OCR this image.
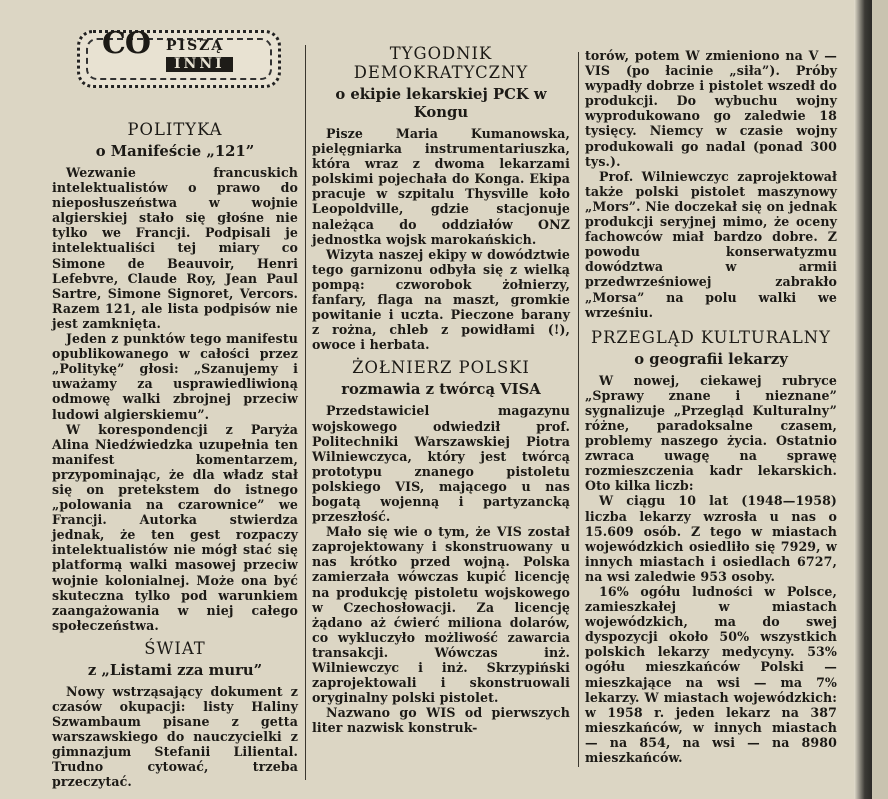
CO PISZĄ
INNI
POLITYKA
o Manifeście „121”

Wezwanie francuskich intelektualistów o prawo do nieposłuszeństwa w wojnie algierskiej stało się głośne nie tylko we Francji. Podpisali je intelektualiści tej miary co Simone de Beauvoir, Henri Lefebvre, Claude Roy, Jean Paul Sartre, Simone Signoret, Vercors. Razem 121, ale lista podpisów nie jest zamknięta.

Jeden z punktów tego manifestu opublikowanego w całości przez „Politykę” głosi: „Szanujemy i uważamy za usprawiedliwioną odmowę walki zbrojnej przeciw ludowi algierskiemu”.

W korespondencji z Paryża Alina Niedźwiedzka uzupełnia ten manifest komentarzem, przypominając, że dla władz stał się on pretekstem do istnego „polowania na czarownice” we Francji. Autorka stwierdza jednak, że ten gest rozpaczy intelektualistów nie mógł stać się platformą walki masowej przeciw wojnie kolonialnej. Może ona być skuteczna tylko pod warunkiem zaangażowania w niej całego społeczeństwa.

ŚWIAT
z „Listami zza muru”

Nowy wstrząsający dokument z czasów okupacji: listy Haliny Szwambaum pisane z getta warszawskiego do nauczycielki z gimnazjum Stefanii Liliental. Trudno cytować, trzeba przeczytać.

TYGODNIK DEMOKRATYCZNY
o ekipie lekarskiej PCK w Kongu

Pisze Maria Kumanowska, pielęgniarka instrumentariuszka, która wraz z dwoma lekarzami polskimi pojechała do Konga. Ekipa pracuje w szpitalu Thysville koło Leopoldville, gdzie stacjonuje należąca do oddziałów ONZ jednostka wojsk marokańskich.

Wizyta naszej ekipy w dowództwie tego garnizonu odbyła się z wielką pompą: czworobok żołnierzy, fanfary, flaga na maszt, gromkie powitanie i uczta. Pieczone barany z rożna, chleb z powidłami (!), owoce i herbata.

ŻOŁNIERZ POLSKI
rozmawia z twórcą VISA

Przedstawiciel magazynu wojskowego odwiedził prof. Politechniki Warszawskiej Piotra Wilniewczyca, który jest twórcą prototypu znanego pistoletu polskiego VIS, mającego u nas bogatą wojenną i partyzancką przeszłość.

Mało się wie o tym, że VIS został zaprojektowany i skonstruowany u nas krótko przed wojną. Polska zamierzała wówczas kupić licencję na produkcję pistoletu wojskowego w Czechosłowacji. Za licencję żądano aż ćwierć miliona dolarów, co wykluczyło możliwość zawarcia transakcji. Wówczas inż. Wilniewczyc i inż. Skrzypiński zaprojektowali i skonstruowali oryginalny polski pistolet.

Nazwano go WIS od pierwszych liter nazwisk konstruk-

torów, potem W zmieniono na V — VIS (po łacinie „siła”). Próby wypadły dobrze i pistolet wszedł do produkcji. Do wybuchu wojny wyprodukowano go zaledwie 18 tysięcy. Niemcy w czasie wojny produkowali go nadal (ponad 300 tys.).

Prof. Wilniewczyc zaprojektował także polski pistolet maszynowy „Mors”. Nie doczekał się on jednak produkcji seryjnej mimo, że oceny fachowców miał bardzo dobre. Z powodu konserwatyzmu dowództwa w armii przedwrześniowej zabrakło „Morsa” na polu walki we wrześniu.

PRZEGLĄD KULTURALNY
o geografii lekarzy

W nowej, ciekawej rubryce „Sprawy znane i nieznane” sygnalizuje „Przegląd Kulturalny” różne, paradoksalne czasem, problemy naszego życia. Ostatnio zwraca uwagę na sprawę rozmieszczenia kadr lekarskich. Oto kilka liczb:

W ciągu 10 lat (1948—1958) liczba lekarzy wzrosła u nas o 15.609 osób. Z tego w miastach wojewódzkich osiedliło się 7929, w innych miastach i osiedlach 6727, na wsi zaledwie 953 osoby.

16% ogółu ludności w Polsce, zamieszkałej w miastach wojewódzkich, ma do swej dyspozycji około 50% wszystkich polskich lekarzy medycyny. 53% ogółu mieszkańców Polski — mieszkające na wsi — ma 7% lekarzy. W miastach wojewódzkich: w 1958 r. jeden lekarz na 387 mieszkańców, w innych miastach — na 854, na wsi — na 8980 mieszkańców.
